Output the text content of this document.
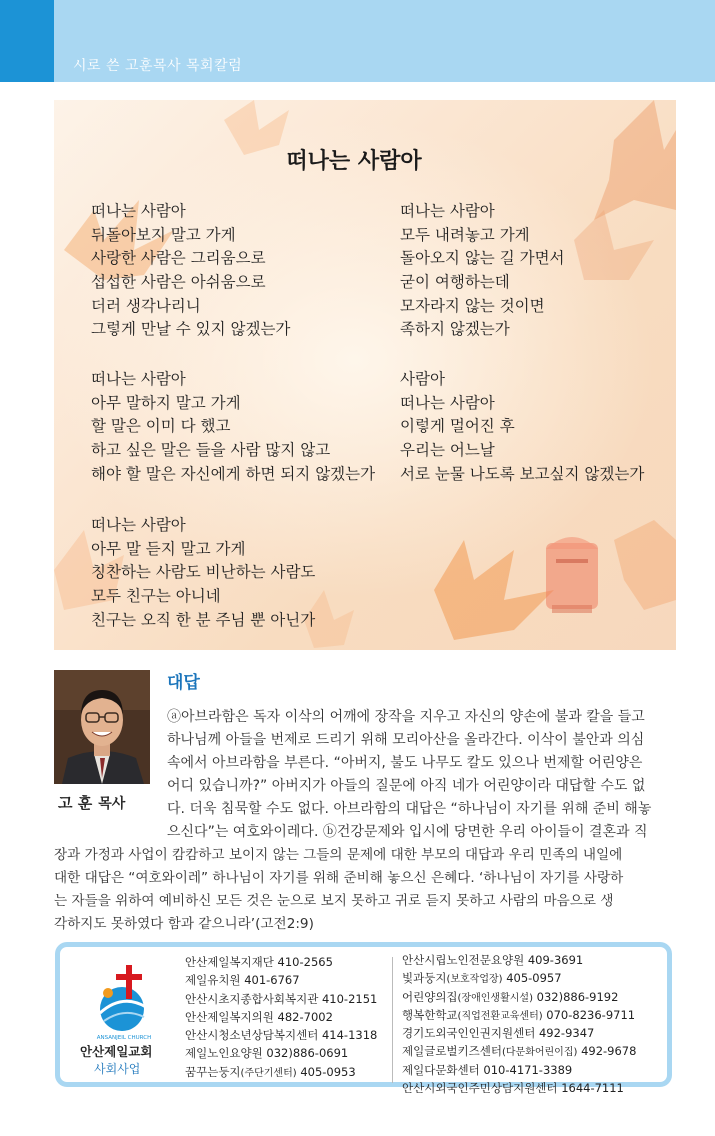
시로 쓴 고훈목사 목회칼럼
떠나는 사람아
떠나는 사람아
뒤돌아보지 말고 가게
사랑한 사람은 그리움으로
섭섭한 사람은 아쉬움으로
더러 생각나리니
그렇게 만날 수 있지 않겠는가
떠나는 사람아
아무 말하지 말고 가게
할 말은 이미 다 했고
하고 싶은 말은 들을 사람 많지 않고
해야 할 말은 자신에게 하면 되지 않겠는가
떠나는 사람아
아무 말 듣지 말고 가게
칭찬하는 사람도 비난하는 사람도
모두 친구는 아니네
친구는 오직 한 분 주님 뿐 아닌가
떠나는 사람아
모두 내려놓고 가게
돌아오지 않는 길 가면서
굳이 여행하는데
모자라지 않는 것이면
족하지 않겠는가
사람아
떠나는 사람아
이렇게 멀어진 후
우리는 어느날
서로 눈물 나도록 보고싶지 않겠는가
고 훈 목사
대답
ⓐ아브라함은 독자 이삭의 어깨에 장작을 지우고 자신의 양손에 불과 칼을 들고
하나님께 아들을 번제로 드리기 위해 모리아산을 올라간다. 이삭이 불안과 의심
속에서 아브라함을 부른다. “아버지, 불도 나무도 칼도 있으나 번제할 어린양은
어디 있습니까?” 아버지가 아들의 질문에 아직 네가 어린양이라 대답할 수도 없
다. 더욱 침묵할 수도 없다. 아브라함의 대답은 “하나님이 자기를 위해 준비 해놓
으신다”는 여호와이레다. ⓑ건강문제와 입시에 당면한 우리 아이들이 결혼과 직
장과 가정과 사업이 캄캄하고 보이지 않는 그들의 문제에 대한 부모의 대답과 우리 민족의 내일에
대한 대답은 “여호와이레” 하나님이 자기를 위해 준비해 놓으신 은혜다. ‘하나님이 자기를 사랑하
는 자들을 위하여 예비하신 모든 것은 눈으로 보지 못하고 귀로 듣지 못하고 사람의 마음으로 생
각하지도 못하였다 함과 같으니라’(고전2:9)
ANSANJEIL CHURCH
안산제일교회
사회사업
안산제일복지재단 410-2565
제일유치원 401-6767
안산시초지종합사회복지관 410-2151
안산제일복지의원 482-7002
안산시청소년상담복지센터 414-1318
제일노인요양원 032)886-0691
꿈꾸는둥지(주단기센터) 405-0953
안산시립노인전문요양원 409-3691
빛과둥지(보호작업장) 405-0957
어린양의집(장애인생활시설) 032)886-9192
행복한학교(직업전환교육센터) 070-8236-9711
경기도외국인인권지원센터 492-9347
제일글로벌키즈센터(다문화어린이집) 492-9678
제일다문화센터 010-4171-3389
안산시외국인주민상담지원센터 1644-7111
